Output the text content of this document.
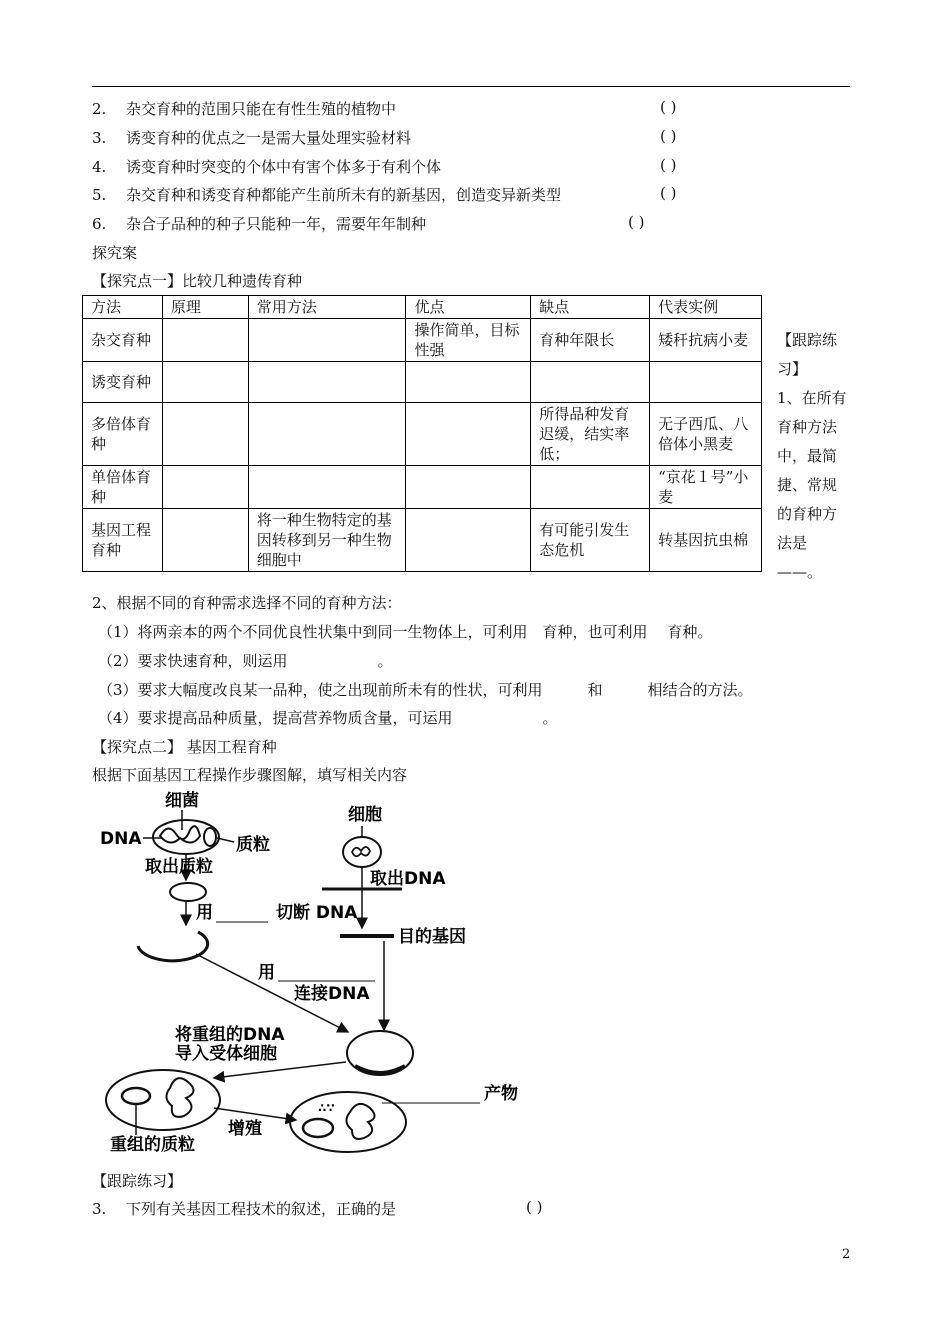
2. 杂交育种的范围只能在有性生殖的植物中	( )
3. 诱变育种的优点之一是需大量处理实验材料	( )
4. 诱变育种时突变的个体中有害个体多于有利个体	( )
5. 杂交育种和诱变育种都能产生前所未有的新基因，创造变异新类型	( )
6. 杂合子品种的种子只能种一年，需要年年制种	( )
探究案
【探究点一】比较几种遗传育种
方法	原理	常用方法	优点	缺点	代表实例
杂交育种			操作简单，目标性强	育种年限长	矮秆抗病小麦
诱变育种					
多倍体育种				所得品种发育迟缓，结实率低；	无子西瓜、八倍体小黑麦
单倍体育种					“京花１号”小麦
基因工程育种		将一种生物特定的基因转移到另一种生物细胞中		有可能引发生态危机	转基因抗虫棉
【跟踪练习】
1、在所有育种方法中，最简捷、常规的育种方法是——。
2、根据不同的育种需求选择不同的育种方法：
（1）将两亲本的两个不同优良性状集中到同一生物体上，可利用　育种，也可利用　 育种。
（2）要求快速育种，则运用　　　　　　。
（3）要求大幅度改良某一品种，使之出现前所未有的性状，可利用　　　和　　　相结合的方法。
（4）要求提高品种质量，提高营养物质含量，可运用　　　　　　。
【探究点二】 基因工程育种
根据下面基因工程操作步骤图解，填写相关内容
细菌
DNA	质粒
取出质粒
用	切断 DNA
细胞
取出DNA
目的基因
用
连接DNA
将重组的DNA
导入受体细胞
重组的质粒
增殖
∴∵
产物
【跟踪练习】
3. 下列有关基因工程技术的叙述，正确的是	( )
2
